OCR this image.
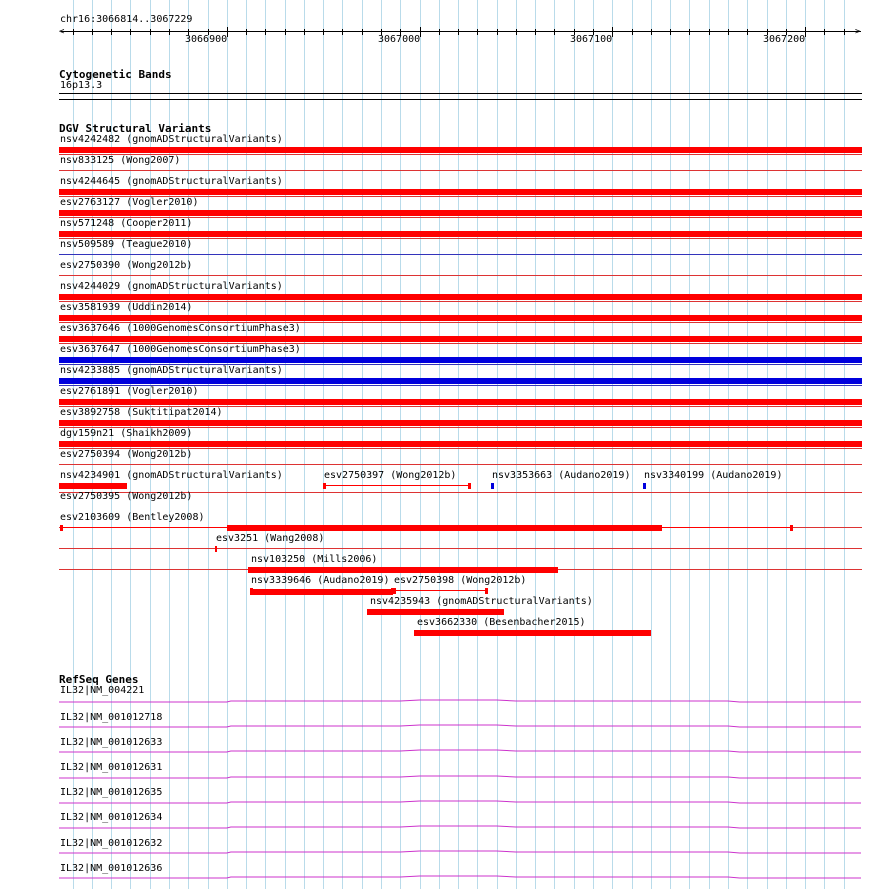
chr16:3066814..3067229
<	>
3066900	3067000	3067100	3067200
Cytogenetic Bands
16p13.3
DGV Structural Variants
nsv4242482 (gnomADStructuralVariants)
nsv833125 (Wong2007)
nsv4244645 (gnomADStructuralVariants)
esv2763127 (Vogler2010)
nsv571248 (Cooper2011)
nsv509589 (Teague2010)
esv2750390 (Wong2012b)
nsv4244029 (gnomADStructuralVariants)
esv3581939 (Uddin2014)
esv3637646 (1000GenomesConsortiumPhase3)
esv3637647 (1000GenomesConsortiumPhase3)
nsv4233885 (gnomADStructuralVariants)
esv2761891 (Vogler2010)
esv3892758 (Suktitipat2014)
dgv159n21 (Shaikh2009)
esv2750394 (Wong2012b)
nsv4234901 (gnomADStructuralVariants)	esv2750397 (Wong2012b)	nsv3353663 (Audano2019) nsv3340199 (Audano2019)
esv2750395 (Wong2012b)
esv2103609 (Bentley2008)
esv3251 (Wang2008)
nsv103250 (Mills2006)
nsv3339646 (Audano2019) esv2750398 (Wong2012b)
nsv4235943 (gnomADStructuralVariants)
esv3662330 (Besenbacher2015)
RefSeq Genes
IL32|NM_004221
IL32|NM_001012718
IL32|NM_001012633
IL32|NM_001012631
IL32|NM_001012635
IL32|NM_001012634
IL32|NM_001012632
IL32|NM_001012636
